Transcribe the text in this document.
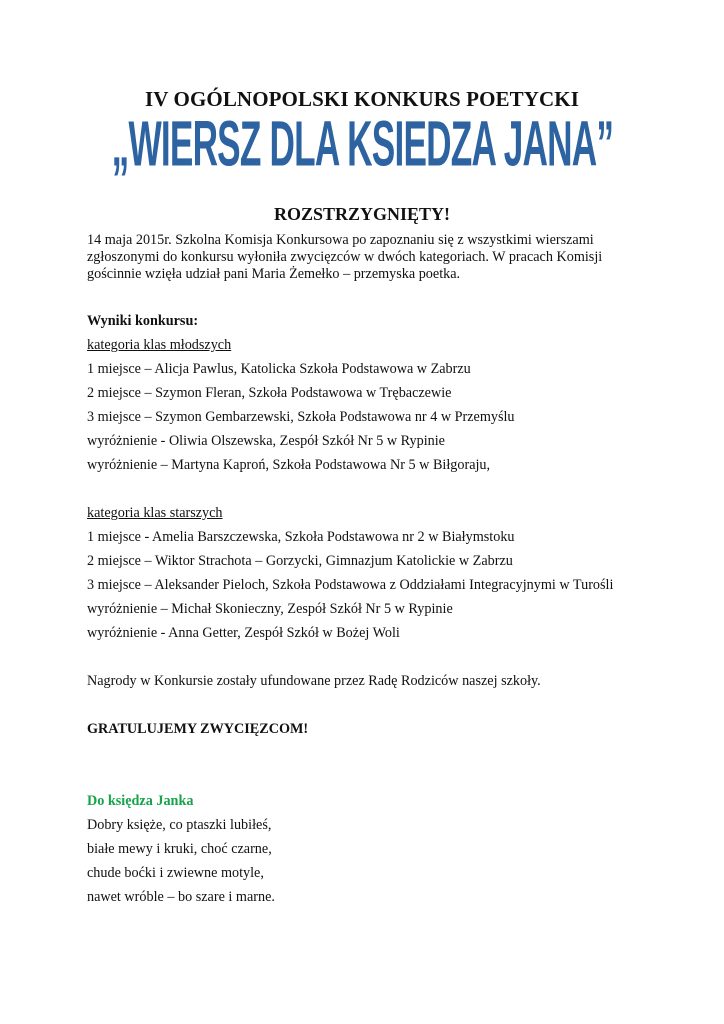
IV OGÓLNOPOLSKI KONKURS POETYCKI
„WIERSZ DLA KSIEDZA JANA”
ROZSTRZYGNIĘTY!
14 maja 2015r. Szkolna Komisja Konkursowa po zapoznaniu się z wszystkimi wierszami zgłoszonymi do konkursu wyłoniła zwycięzców w dwóch kategoriach. W pracach Komisji gościnnie wzięła udział pani Maria Żemełko – przemyska poetka.
Wyniki konkursu:
kategoria klas młodszych
1 miejsce – Alicja Pawlus, Katolicka Szkoła Podstawowa w Zabrzu
2 miejsce – Szymon Fleran, Szkoła Podstawowa w Trębaczewie
3 miejsce – Szymon Gembarzewski, Szkoła Podstawowa nr 4 w Przemyślu
wyróżnienie - Oliwia Olszewska, Zespół Szkół Nr 5 w Rypinie
wyróżnienie – Martyna Kaproń, Szkoła Podstawowa Nr 5 w Biłgoraju,
kategoria klas starszych
1 miejsce - Amelia Barszczewska, Szkoła Podstawowa nr 2 w Białymstoku
2 miejsce – Wiktor Strachota – Gorzycki, Gimnazjum Katolickie w Zabrzu
3 miejsce – Aleksander Pieloch, Szkoła Podstawowa z Oddziałami Integracyjnymi w Turośli
wyróżnienie – Michał Skonieczny, Zespół Szkół Nr 5 w Rypinie
wyróżnienie - Anna Getter, Zespół Szkół w Bożej Woli
Nagrody w Konkursie zostały ufundowane przez Radę Rodziców naszej szkoły.
GRATULUJEMY ZWYCIĘZCOM!
Do księdza Janka
Dobry księże, co ptaszki lubiłeś,
białe mewy i kruki, choć czarne,
chude boćki i zwiewne motyle,
nawet wróble – bo szare i marne.
